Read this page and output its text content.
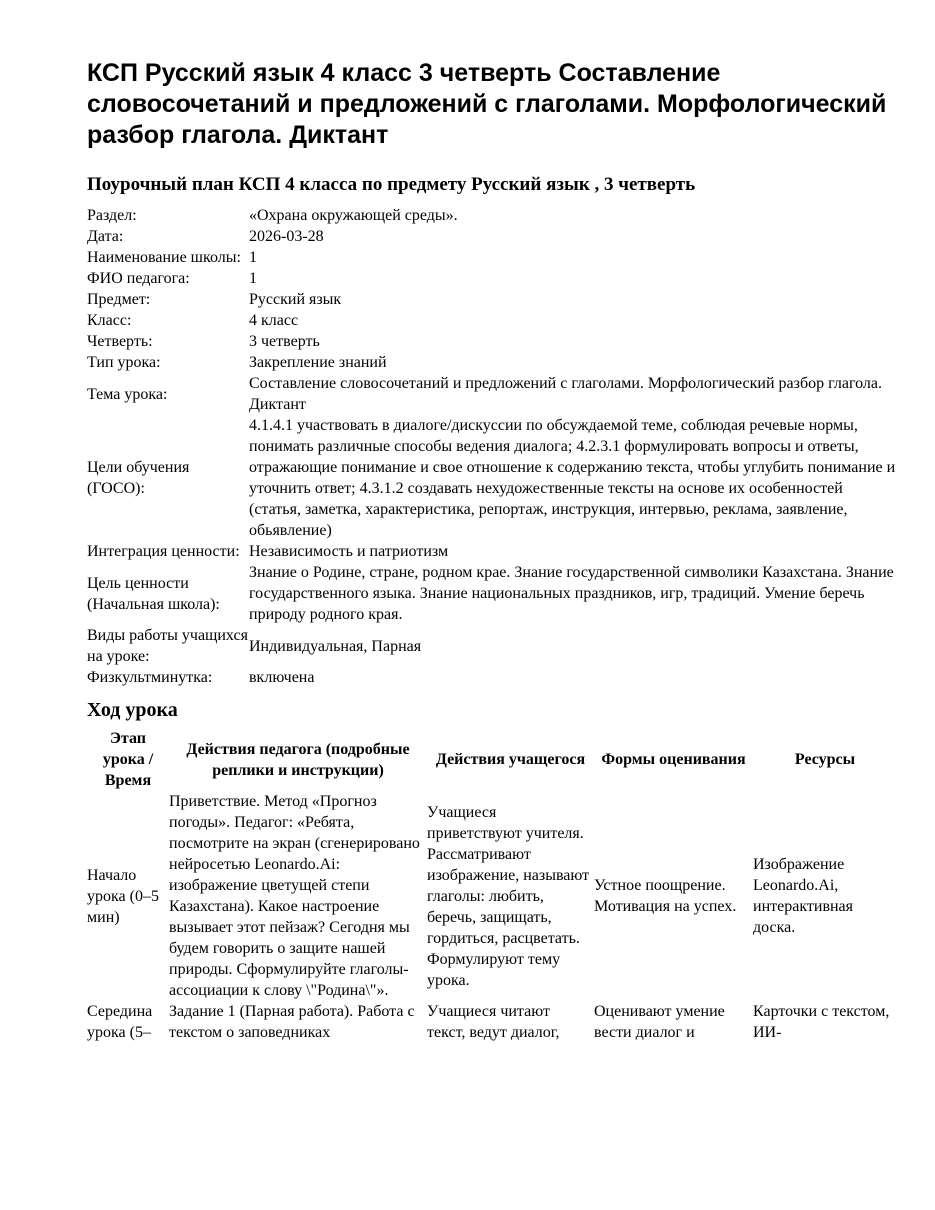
КСП Русский язык 4 класс 3 четверть Составление словосочетаний и предложений с глаголами. Морфологический разбор глагола. Диктант
Поурочный план КСП 4 класса по предмету Русский язык , 3 четверть
Раздел:	«Охрана окружающей среды».
Дата:	2026-03-28
Наименование школы:	1
ФИО педагога:	1
Предмет:	Русский язык
Класс:	4 класс
Четверть:	3 четверть
Тип урока:	Закрепление знаний
Тема урока:	Составление словосочетаний и предложений с глаголами. Морфологический разбор глагола. Диктант
Цели обучения (ГОСО):	4.1.4.1 участвовать в диалоге/дискуссии по обсуждаемой теме, соблюдая речевые нормы, понимать различные способы ведения диалога; 4.2.3.1 формулировать вопросы и ответы, отражающие понимание и свое отношение к содержанию текста, чтобы углубить понимание и уточнить ответ; 4.3.1.2 создавать нехудожественные тексты на основе их особенностей (статья, заметка, характеристика, репортаж, инструкция, интервью, реклама, заявление, обьявление)
Интеграция ценности:	Независимость и патриотизм
Цель ценности (Начальная школа):	Знание о Родине, стране, родном крае. Знание государственной символики Казахстана. Знание государственного языка. Знание национальных праздников, игр, традиций. Умение беречь природу родного края.
Виды работы учащихся на уроке:	Индивидуальная, Парная
Физкультминутка:	включена
Ход урока
Этап урока / Время	Действия педагога (подробные реплики и инструкции)	Действия учащегося	Формы оценивания	Ресурсы
Начало урока (0–5 мин)	Приветствие. Метод «Прогноз погоды». Педагог: «Ребята, посмотрите на экран (сгенерировано нейросетью Leonardo.Ai: изображение цветущей степи Казахстана). Какое настроение вызывает этот пейзаж? Сегодня мы будем говорить о защите нашей природы. Сформулируйте глаголы-ассоциации к слову \"Родина\"».	Учащиеся приветствуют учителя. Рассматривают изображение, называют глаголы: любить, беречь, защищать, гордиться, расцветать. Формулируют тему урока.	Устное поощрение. Мотивация на успех.	Изображение Leonardo.Ai, интерактивная доска.
Середина урока (5–	Задание 1 (Парная работа). Работа с текстом о заповедниках	Учащиеся читают текст, ведут диалог,	Оценивают умение вести диалог и	Карточки с текстом, ИИ-
